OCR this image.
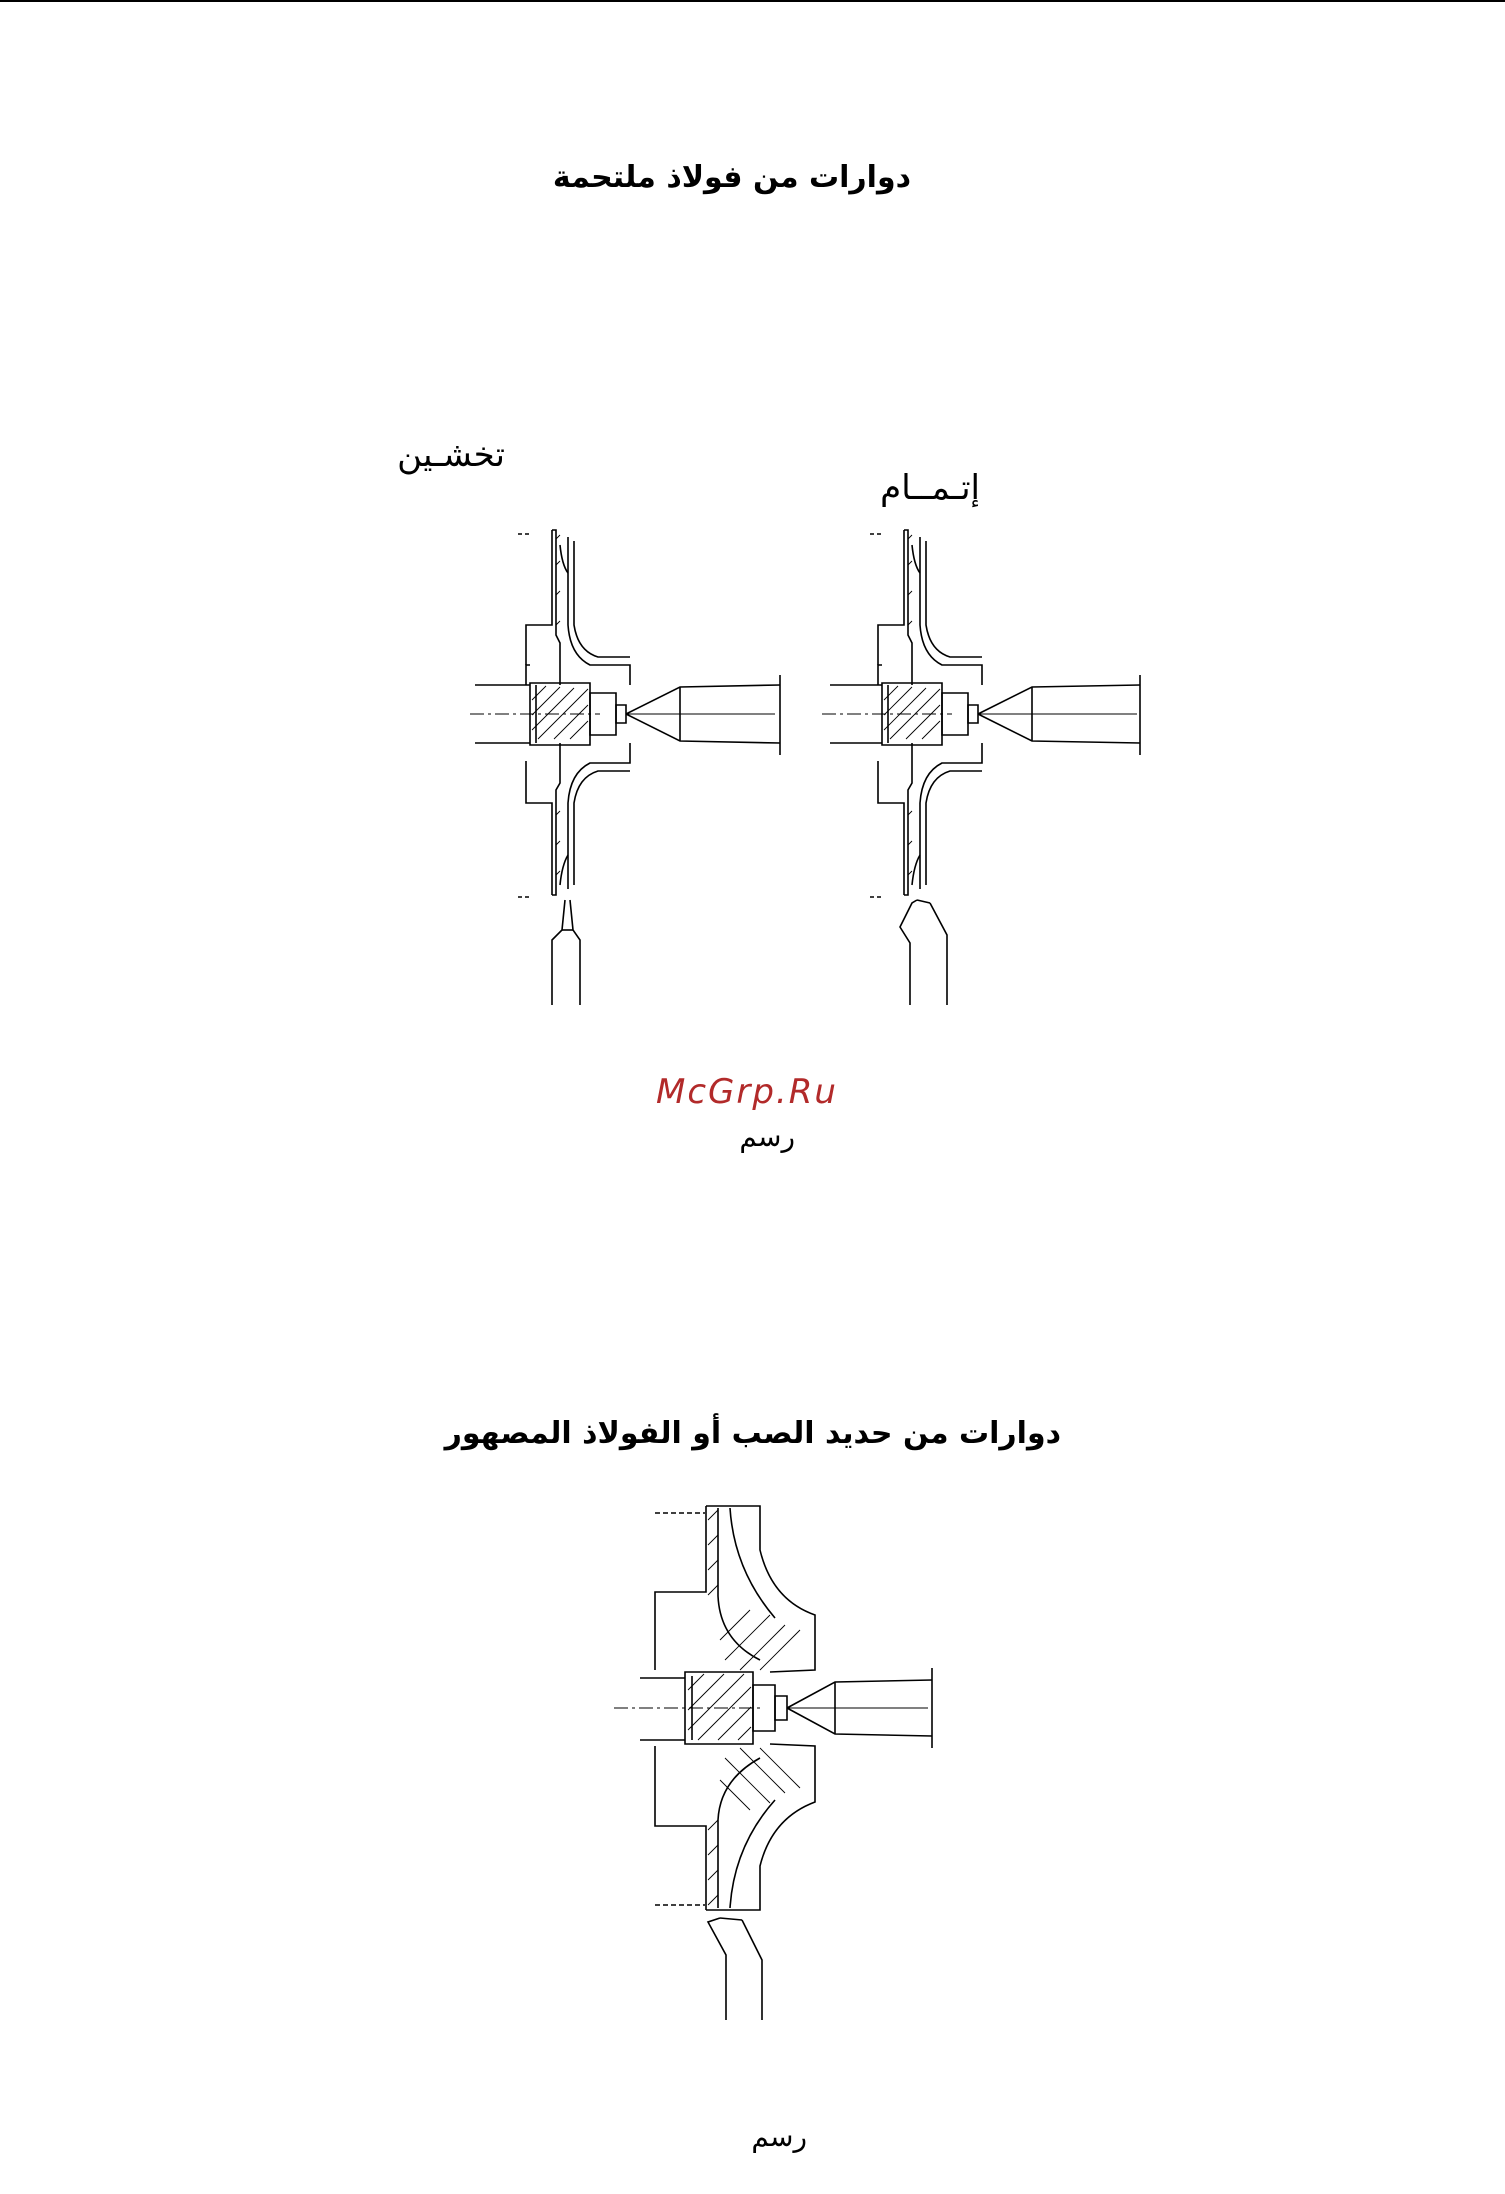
دوارات من فولاذ ملتحمة
تخشـين
إتـمــام
McGrp.Ru
رسم
دوارات من حديد الصب أو الفولاذ المصهور
رسم
